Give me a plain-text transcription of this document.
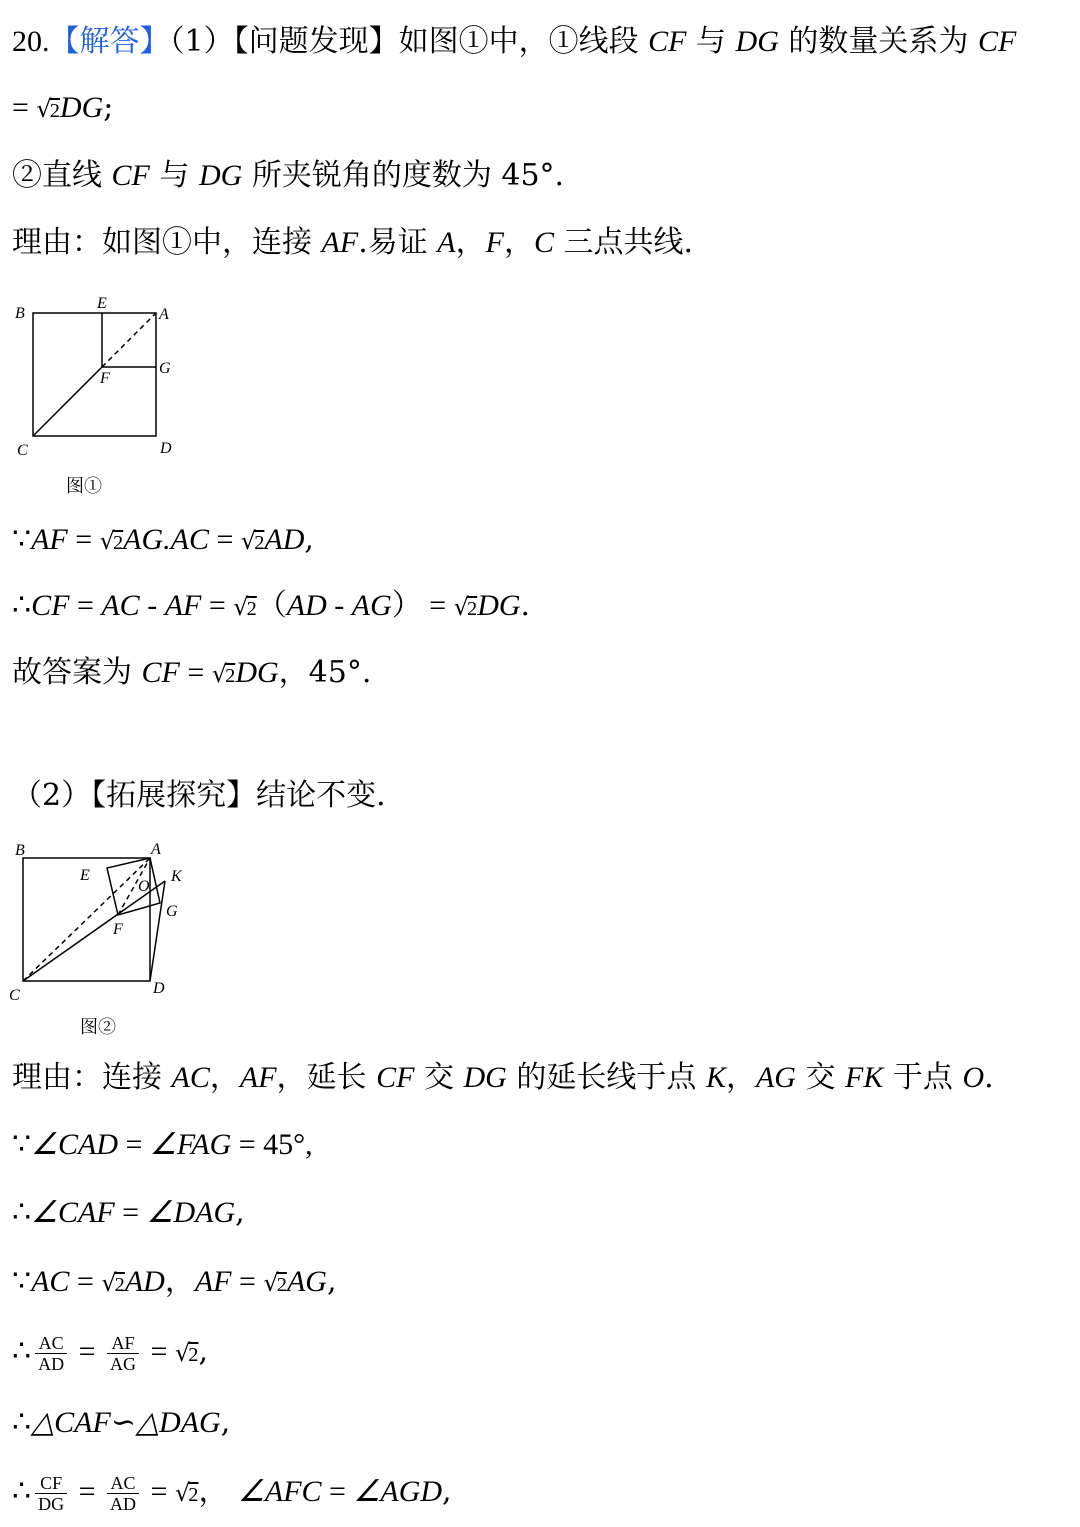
20.【解答】（1）【问题发现】如图①中，①线段 CF 与 DG 的数量关系为 CF
= √2DG;
②直线 CF 与 DG 所夹锐角的度数为 45°.
理由：如图①中，连接 AF.易证 A，F，C 三点共线.
B
E
A
F
G
C	D
图①
∵AF = √2AG.AC = √2AD,
∴CF = AC - AF = √2（AD - AG） = √2DG.
故答案为 CF = √2DG，45°.
（2）【拓展探究】结论不变.
B	A
E
O
K
G
F
C	D
图②
理由：连接 AC，AF，延长 CF 交 DG 的延长线于点 K，AG 交 FK 于点 O.
∵∠CAD = ∠FAG = 45°,
∴∠CAF = ∠DAG,
∵AC = √2AD，AF = √2AG,
∴ $\frac{AC}{AD} = \frac{AF}{AG} = √2$,
∴△CAF∽△DAG,
∴ $\frac{CF}{DG} = \frac{AC}{AD} = √2$， ∠AFC = ∠AGD,
